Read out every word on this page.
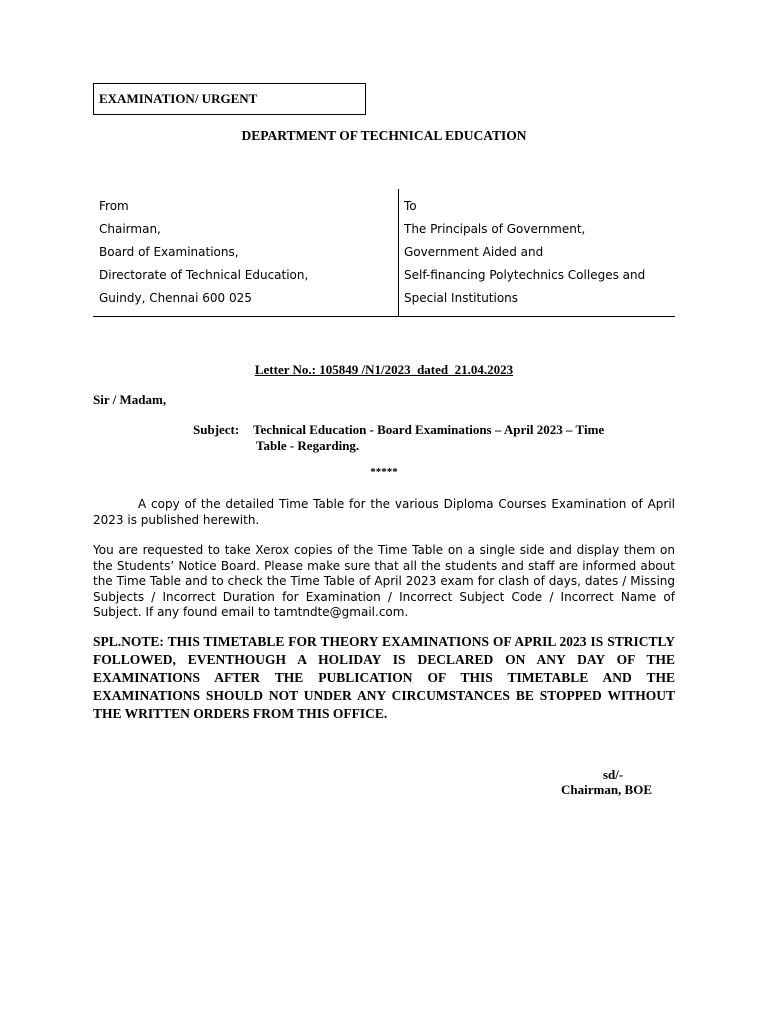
EXAMINATION/ URGENT
DEPARTMENT OF TECHNICAL EDUCATION
From
Chairman,
Board of Examinations,
Directorate of Technical Education,
Guindy, Chennai 600 025
To
The Principals of Government,
Government Aided and
Self-financing Polytechnics Colleges and
Special Institutions
Letter No.: 105849 /N1/2023  dated  21.04.2023
Sir / Madam,
Subject: Technical Education - Board Examinations – April 2023 – Time
Table - Regarding.
*****
A copy of the detailed Time Table for the various Diploma Courses Examination of April 2023 is published herewith.
You are requested to take Xerox copies of the Time Table on a single side and display them on the Students’ Notice Board. Please make sure that all the students and staff are informed about the Time Table and to check the Time Table of April 2023 exam for clash of days, dates / Missing Subjects / Incorrect Duration for Examination / Incorrect Subject Code / Incorrect Name of Subject. If any found email to tamtndte@gmail.com.
SPL.NOTE: THIS TIMETABLE FOR THEORY EXAMINATIONS OF APRIL 2023 IS STRICTLY FOLLOWED, EVENTHOUGH A HOLIDAY IS DECLARED ON ANY DAY OF THE EXAMINATIONS AFTER THE PUBLICATION OF THIS TIMETABLE AND THE EXAMINATIONS SHOULD NOT UNDER ANY CIRCUMSTANCES BE STOPPED WITHOUT THE WRITTEN ORDERS FROM THIS OFFICE.
sd/-
Chairman, BOE
